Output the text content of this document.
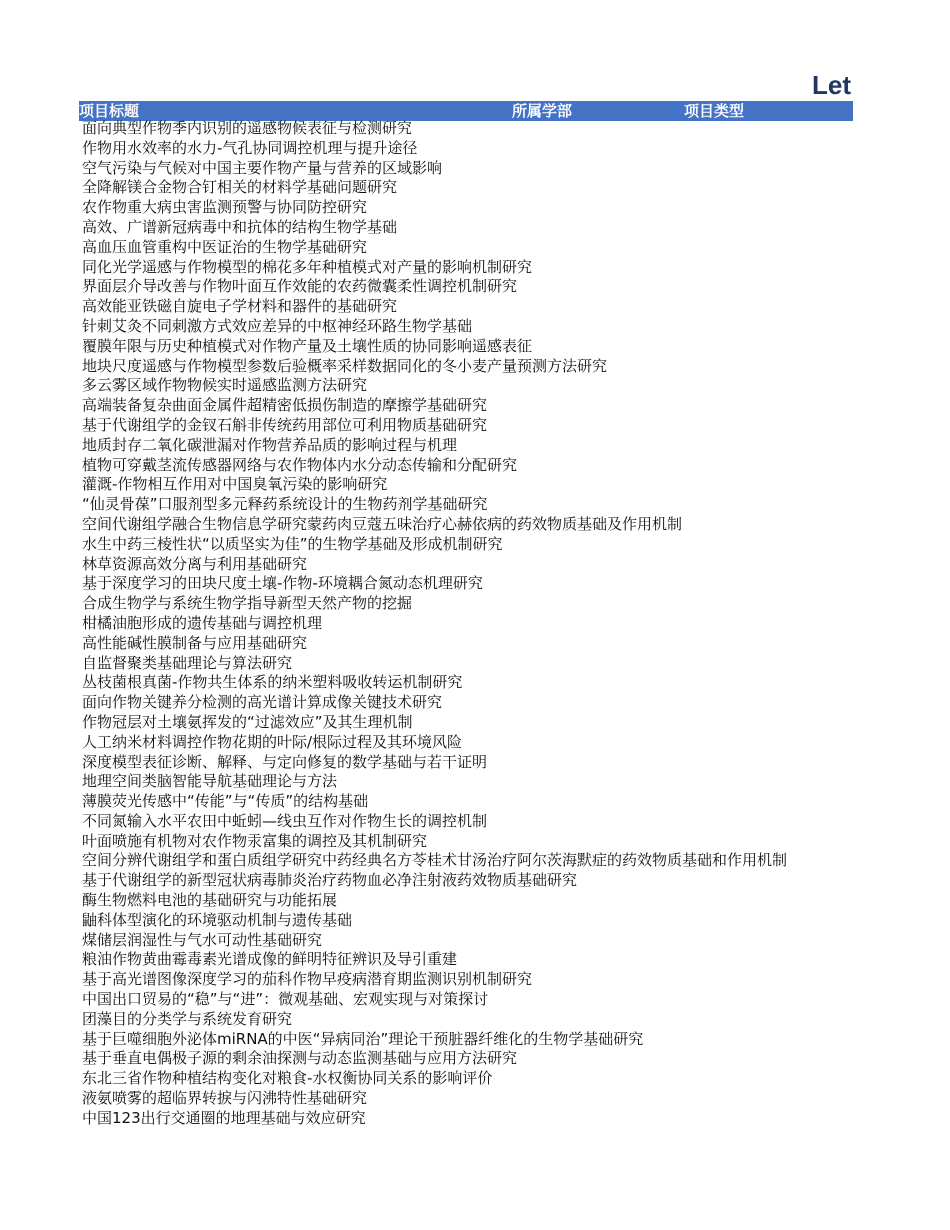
Let
项目标题	所属学部	项目类型
面向典型作物季内识别的遥感物候表征与检测研究
作物用水效率的水力-气孔协同调控机理与提升途径
空气污染与气候对中国主要作物产量与营养的区域影响
全降解镁合金物合钉相关的材料学基础问题研究
农作物重大病虫害监测预警与协同防控研究
高效、广谱新冠病毒中和抗体的结构生物学基础
高血压血管重构中医证治的生物学基础研究
同化光学遥感与作物模型的棉花多年种植模式对产量的影响机制研究
界面层介导改善与作物叶面互作效能的农药微囊柔性调控机制研究
高效能亚铁磁自旋电子学材料和器件的基础研究
针刺艾灸不同刺激方式效应差异的中枢神经环路生物学基础
覆膜年限与历史种植模式对作物产量及土壤性质的协同影响遥感表征
地块尺度遥感与作物模型参数后验概率采样数据同化的冬小麦产量预测方法研究
多云雾区域作物物候实时遥感监测方法研究
高端装备复杂曲面金属件超精密低损伤制造的摩擦学基础研究
基于代谢组学的金钗石斛非传统药用部位可利用物质基础研究
地质封存二氧化碳泄漏对作物营养品质的影响过程与机理
植物可穿戴茎流传感器网络与农作物体内水分动态传输和分配研究
灌溉-作物相互作用对中国臭氧污染的影响研究
“仙灵骨葆”口服剂型多元释药系统设计的生物药剂学基础研究
空间代谢组学融合生物信息学研究蒙药肉豆蔻五味治疗心赫依病的药效物质基础及作用机制
水生中药三棱性状“以质坚实为佳”的生物学基础及形成机制研究
林草资源高效分离与利用基础研究
基于深度学习的田块尺度土壤-作物-环境耦合氮动态机理研究
合成生物学与系统生物学指导新型天然产物的挖掘
柑橘油胞形成的遗传基础与调控机理
高性能碱性膜制备与应用基础研究
自监督聚类基础理论与算法研究
丛枝菌根真菌-作物共生体系的纳米塑料吸收转运机制研究
面向作物关键养分检测的高光谱计算成像关键技术研究
作物冠层对土壤氨挥发的“过滤效应”及其生理机制
人工纳米材料调控作物花期的叶际/根际过程及其环境风险
深度模型表征诊断、解释、与定向修复的数学基础与若干证明
地理空间类脑智能导航基础理论与方法
薄膜荧光传感中“传能”与“传质”的结构基础
不同氮输入水平农田中蚯蚓—线虫互作对作物生长的调控机制
叶面喷施有机物对农作物汞富集的调控及其机制研究
空间分辨代谢组学和蛋白质组学研究中药经典名方苓桂术甘汤治疗阿尔茨海默症的药效物质基础和作用机制
基于代谢组学的新型冠状病毒肺炎治疗药物血必净注射液药效物质基础研究
酶生物燃料电池的基础研究与功能拓展
鼬科体型演化的环境驱动机制与遗传基础
煤储层润湿性与气水可动性基础研究
粮油作物黄曲霉毒素光谱成像的鲜明特征辨识及导引重建
基于高光谱图像深度学习的茄科作物早疫病潜育期监测识别机制研究
中国出口贸易的“稳”与“进”：微观基础、宏观实现与对策探讨
团藻目的分类学与系统发育研究
基于巨噬细胞外泌体miRNA的中医“异病同治”理论干预脏器纤维化的生物学基础研究
基于垂直电偶极子源的剩余油探测与动态监测基础与应用方法研究
东北三省作物种植结构变化对粮食-水权衡协同关系的影响评价
液氨喷雾的超临界转捩与闪沸特性基础研究
中国123出行交通圈的地理基础与效应研究
